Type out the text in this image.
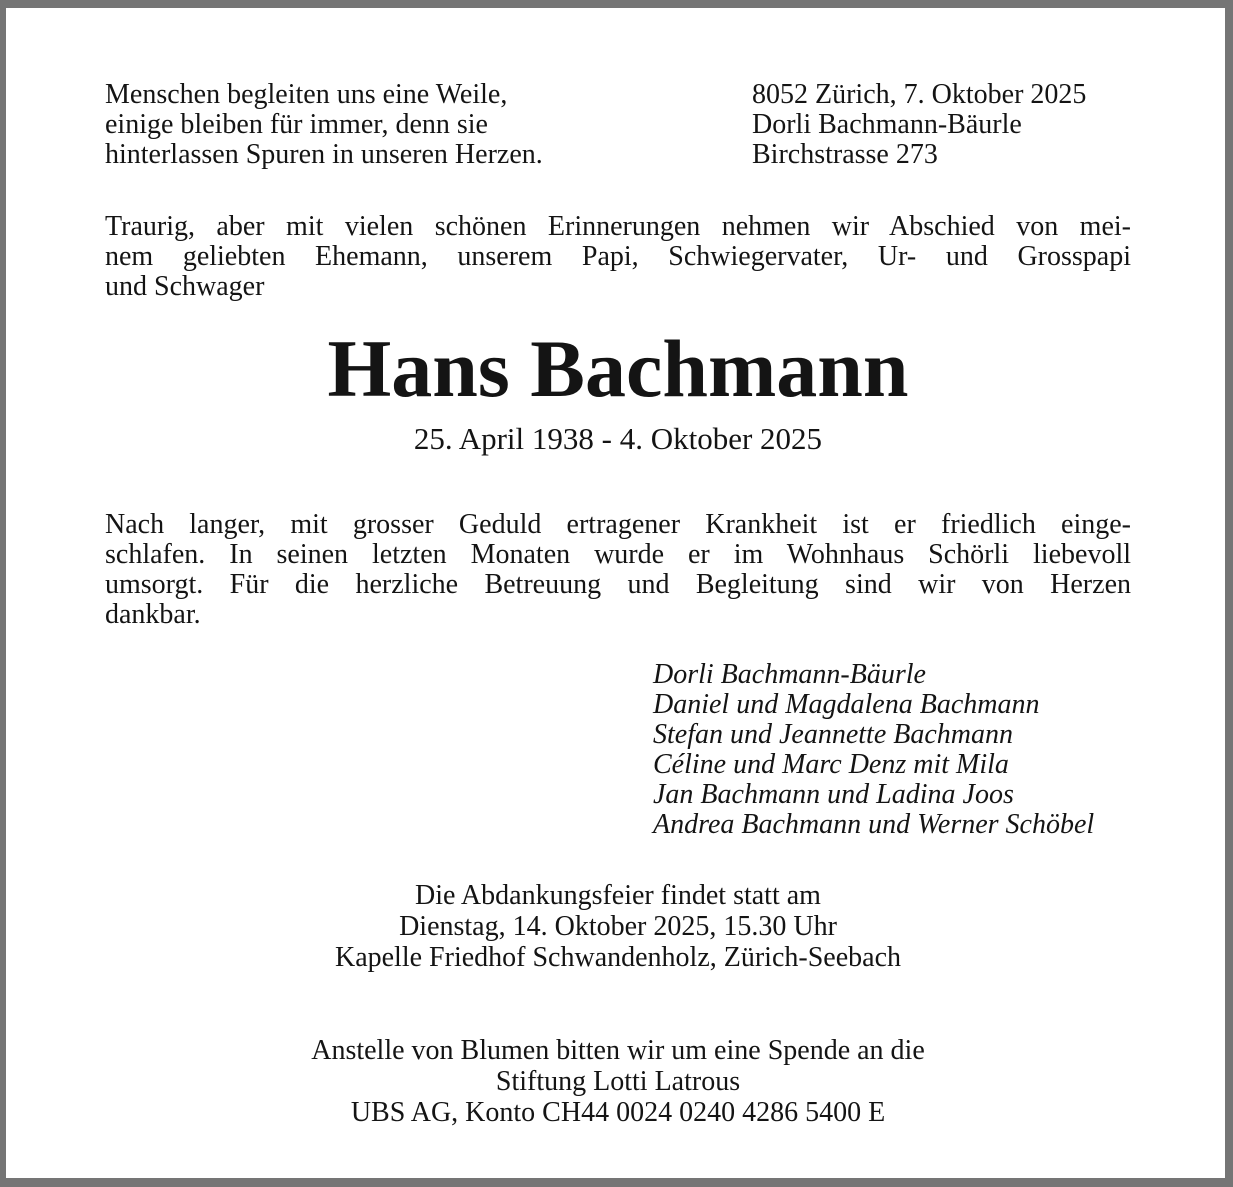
Menschen begleiten uns eine Weile,
einige bleiben für immer, denn sie
hinterlassen Spuren in unseren Herzen.
8052 Zürich, 7. Oktober 2025
Dorli Bachmann-Bäurle
Birchstrasse 273
Traurig, aber mit vielen schönen Erinnerungen nehmen wir Abschied von mei-
nem geliebten Ehemann, unserem Papi, Schwiegervater, Ur- und Grosspapi
und Schwager
Hans Bachmann
25. April 1938 - 4. Oktober 2025
Nach langer, mit grosser Geduld ertragener Krankheit ist er friedlich einge-
schlafen. In seinen letzten Monaten wurde er im Wohnhaus Schörli liebevoll
umsorgt. Für die herzliche Betreuung und Begleitung sind wir von Herzen
dankbar.
Dorli Bachmann-Bäurle
Daniel und Magdalena Bachmann
Stefan und Jeannette Bachmann
Céline und Marc Denz mit Mila
Jan Bachmann und Ladina Joos
Andrea Bachmann und Werner Schöbel
Die Abdankungsfeier findet statt am
Dienstag, 14. Oktober 2025, 15.30 Uhr
Kapelle Friedhof Schwandenholz, Zürich-Seebach
Anstelle von Blumen bitten wir um eine Spende an die
Stiftung Lotti Latrous
UBS AG, Konto CH44 0024 0240 4286 5400 E
